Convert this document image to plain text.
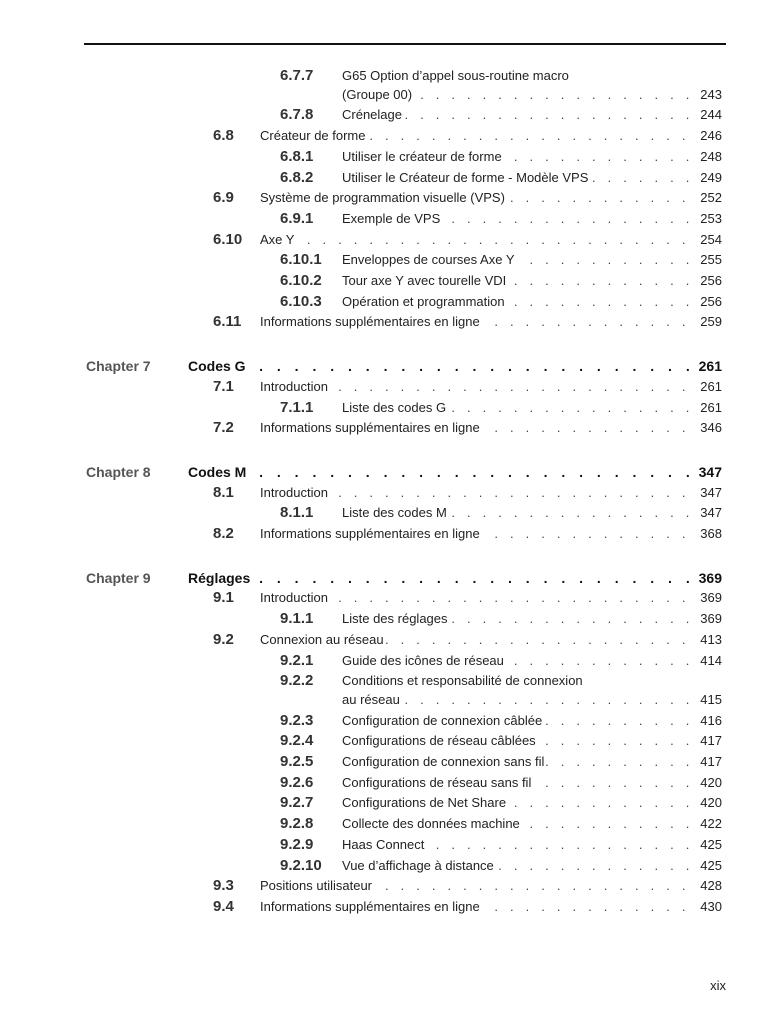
6.7.7 G65 Option d’appel sous-routine macro
. . .
(Groupe 00)	243
6.7.8 . . . Crénelage	244
6.8 . . . Créateur de forme	246
6.8.1 . . . Utiliser le créateur de forme	248
6.8.2 . . . Utiliser le Créateur de forme - Modèle VPS	249
6.9 . . . Système de programmation visuelle (VPS)	252
6.9.1 . . . Exemple de VPS	253
6.10 . . . Axe Y	254
6.10.1 . . . Enveloppes de courses Axe Y	255
6.10.2 . . . Tour axe Y avec tourelle VDI	256
6.10.3 . . . Opération et programmation	256
6.11 . . . Informations supplémentaires en ligne	259
Chapter 7 . . .	Codes G	261
7.1 . . . Introduction	261
7.1.1 . . . Liste des codes G	261
7.2 . . . Informations supplémentaires en ligne	346
Chapter 8 . . .	Codes M	347
8.1 . . . Introduction	347
8.1.1 . . . Liste des codes M	347
8.2 . . . Informations supplémentaires en ligne	368
Chapter 9 . . .	Réglages	369
9.1 . . . Introduction	369
9.1.1 . . . Liste des réglages	369
9.2 . . . Connexion au réseau	413
9.2.1 . . . Guide des icônes de réseau	414
9.2.2 Conditions et responsabilité de connexion
. . .
au réseau	415
9.2.3 . . . Configuration de connexion câblée	416
9.2.4 . . . Configurations de réseau câblées	417
9.2.5 . . . Configuration de connexion sans fil	417
9.2.6 . . . Configurations de réseau sans fil	420
9.2.7 . . . Configurations de Net Share	420
9.2.8 . . . Collecte des données machine	422
9.2.9 . . . Haas Connect	425
9.2.10 . . . Vue d’affichage à distance	425
9.3 . . . Positions utilisateur	428
9.4 . . . Informations supplémentaires en ligne	430
xix
